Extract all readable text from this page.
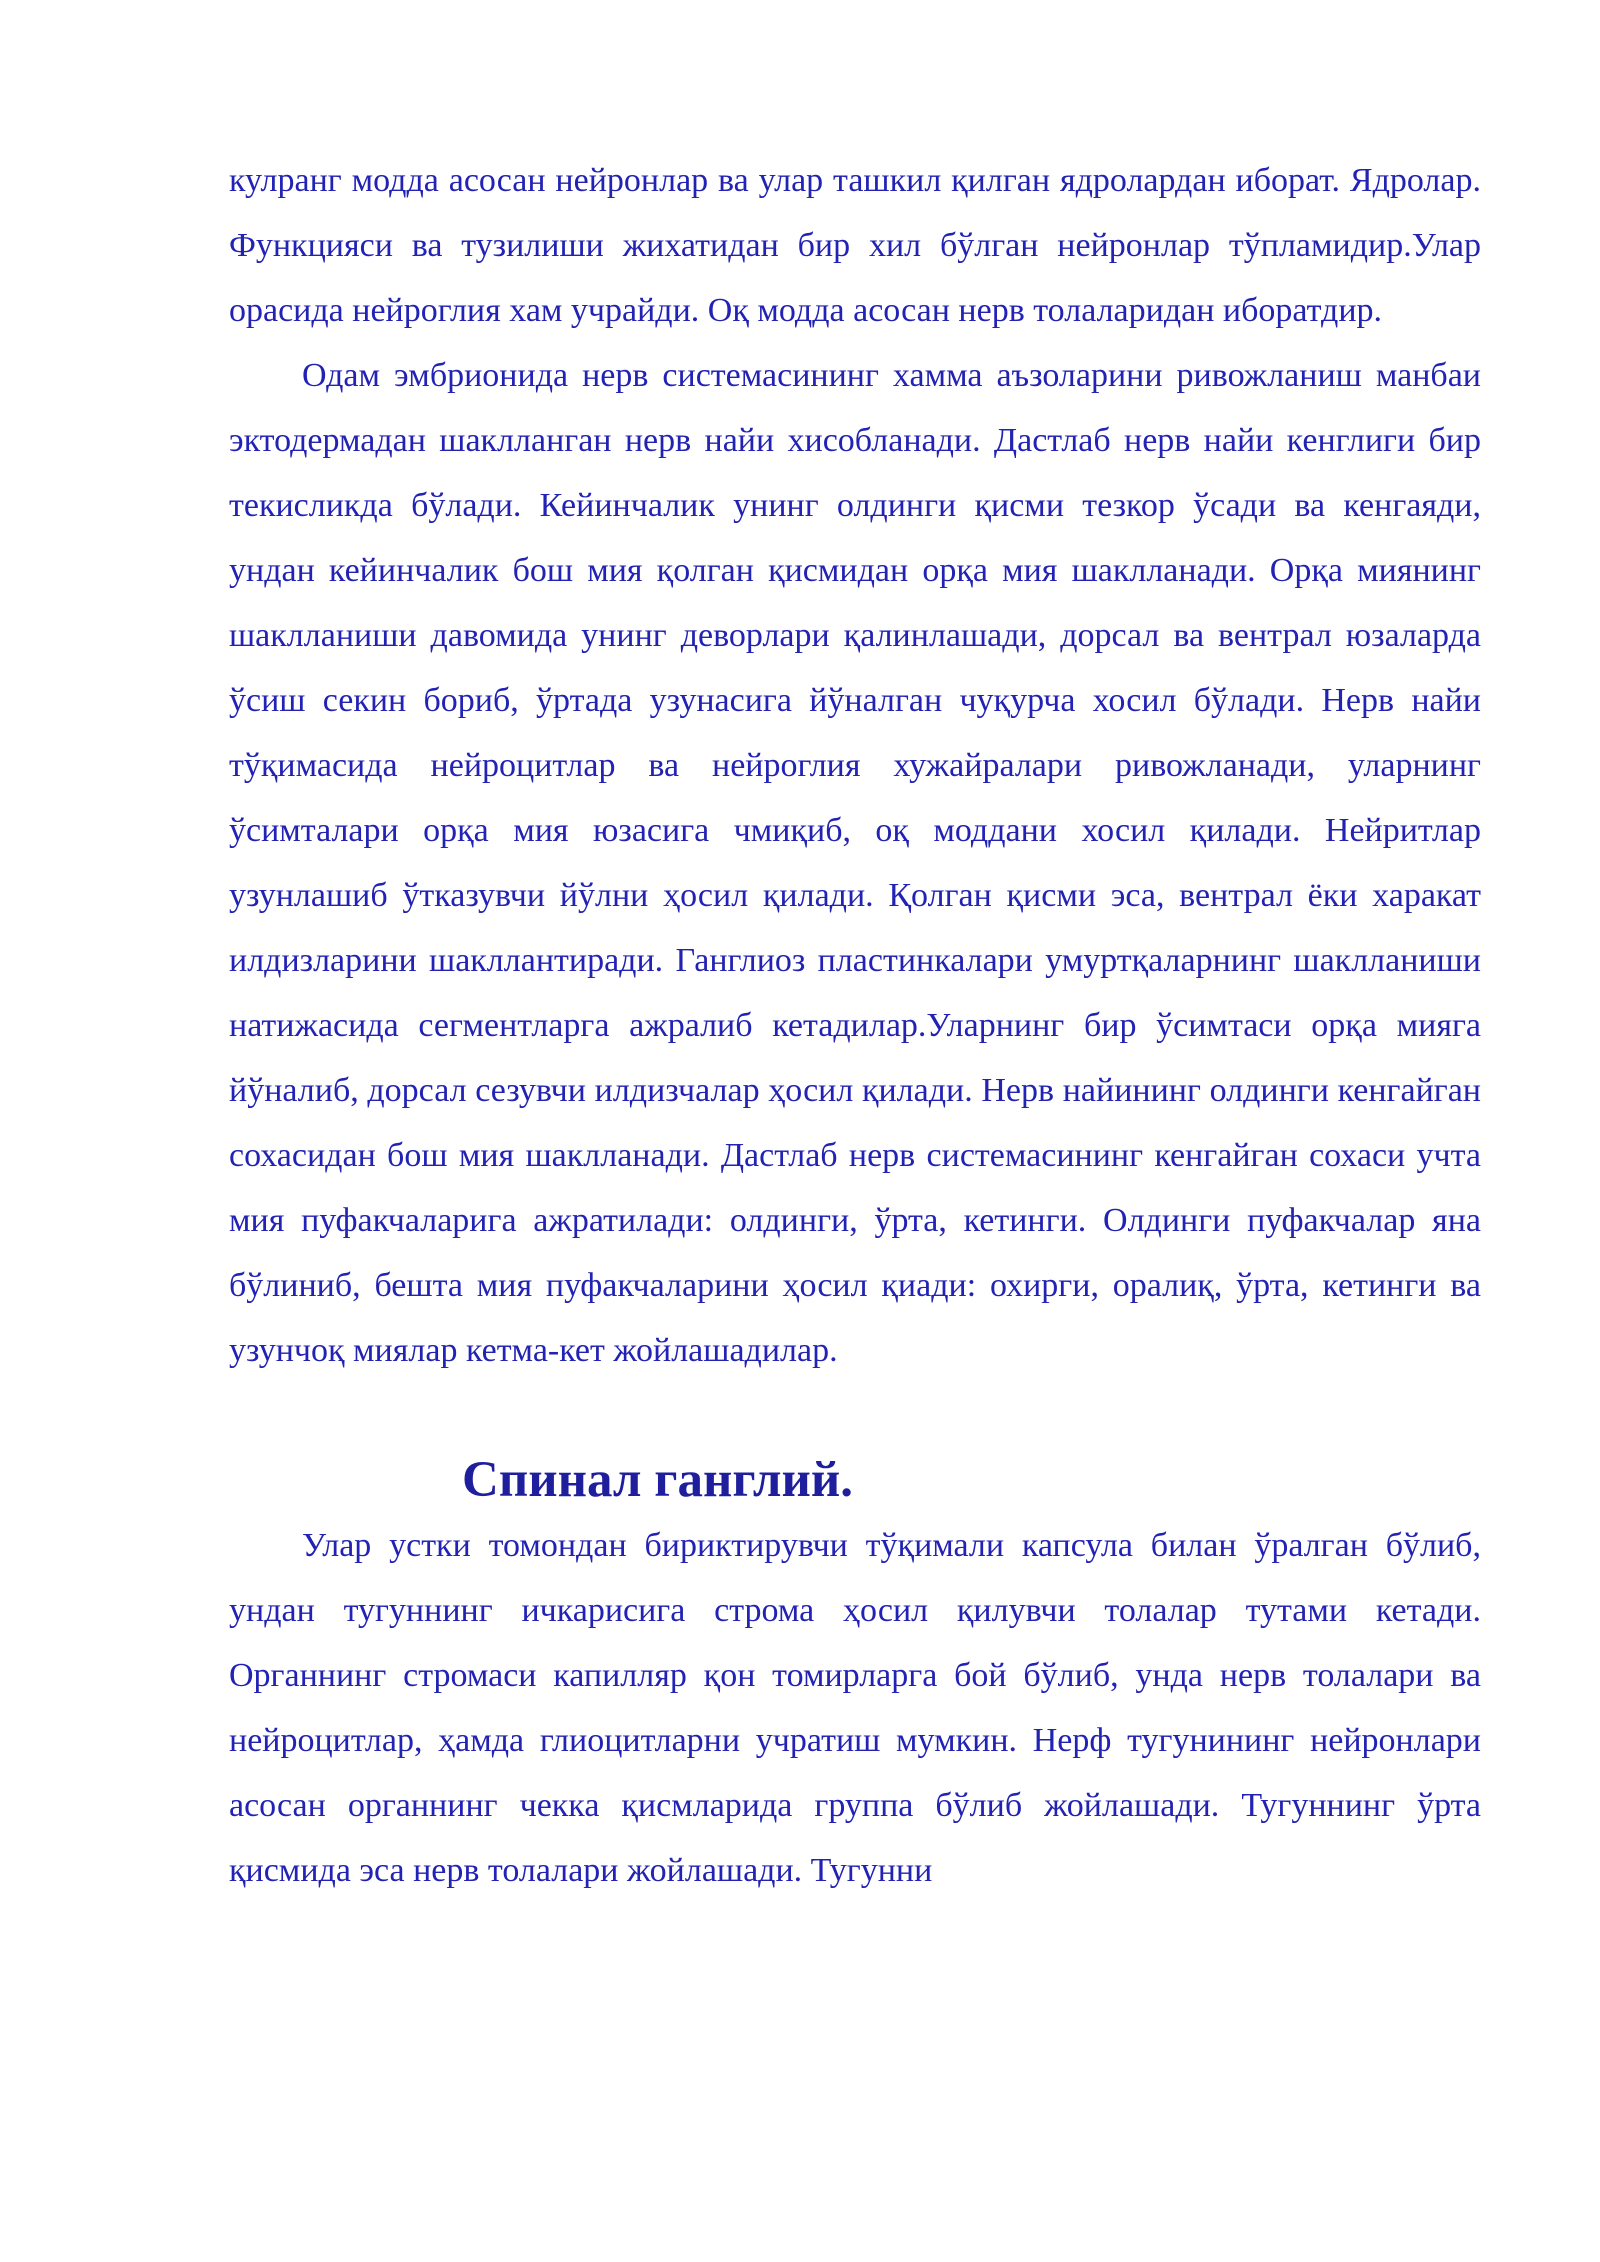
кулранг модда асосан нейронлар ва улар ташкил қилган ядролардан иборат. Ядролар. Функцияси ва тузилиши жихатидан бир хил бўлган нейронлар тўпламидир.Улар орасида нейроглия хам учрайди. Оқ модда асосан нерв толаларидан иборатдир.

Одам эмбрионида нерв системасининг хамма аъзоларини ривожланиш манбаи эктодермадан шаклланган нерв найи хисобланади. Дастлаб нерв найи кенглиги бир текисликда бўлади. Кейинчалик унинг олдинги қисми тезкор ўсади ва кенгаяди, ундан кейинчалик бош мия қолган қисмидан орқа мия шаклланади. Орқа миянинг шаклланиши давомида унинг деворлари қалинлашади, дорсал ва вентрал юзаларда ўсиш секин бориб, ўртада узунасига йўналган чуқурча хосил бўлади. Нерв найи тўқимасида нейроцитлар ва нейроглия хужайралари ривожланади, уларнинг ўсимталари орқа мия юзасига чмиқиб, оқ моддани хосил қилади. Нейритлар узунлашиб ўтказувчи йўлни ҳосил қилади. Қолган қисми эса, вентрал ёки харакат илдизларини шакллантиради. Ганглиоз пластинкалари умуртқаларнинг шаклланиши натижасида сегментларга ажралиб кетадилар.Уларнинг бир ўсимтаси орқа мияга йўналиб, дорсал сезувчи илдизчалар ҳосил қилади. Нерв найининг олдинги кенгайган сохасидан бош мия шаклланади. Дастлаб нерв системасининг кенгайган сохаси учта мия пуфакчаларига ажратилади: олдинги, ўрта, кетинги. Олдинги пуфакчалар яна бўлиниб, бешта мия пуфакчаларини ҳосил қиади: охирги, оралиқ, ўрта, кетинги ва узунчоқ миялар кетма-кет жойлашадилар.

Спинал ганглий.

Улар устки томондан бириктирувчи тўқимали капсула билан ўралган бўлиб, ундан тугуннинг ичкарисига строма ҳосил қилувчи толалар тутами кетади. Органнинг стромаси капилляр қон томирларга бой бўлиб, унда нерв толалари ва нейроцитлар, ҳамда глиоцитларни учратиш мумкин. Нерф тугунининг нейронлари асосан органнинг чекка қисмларида группа бўлиб жойлашади. Тугуннинг ўрта қисмида эса нерв толалари жойлашади. Тугунни
